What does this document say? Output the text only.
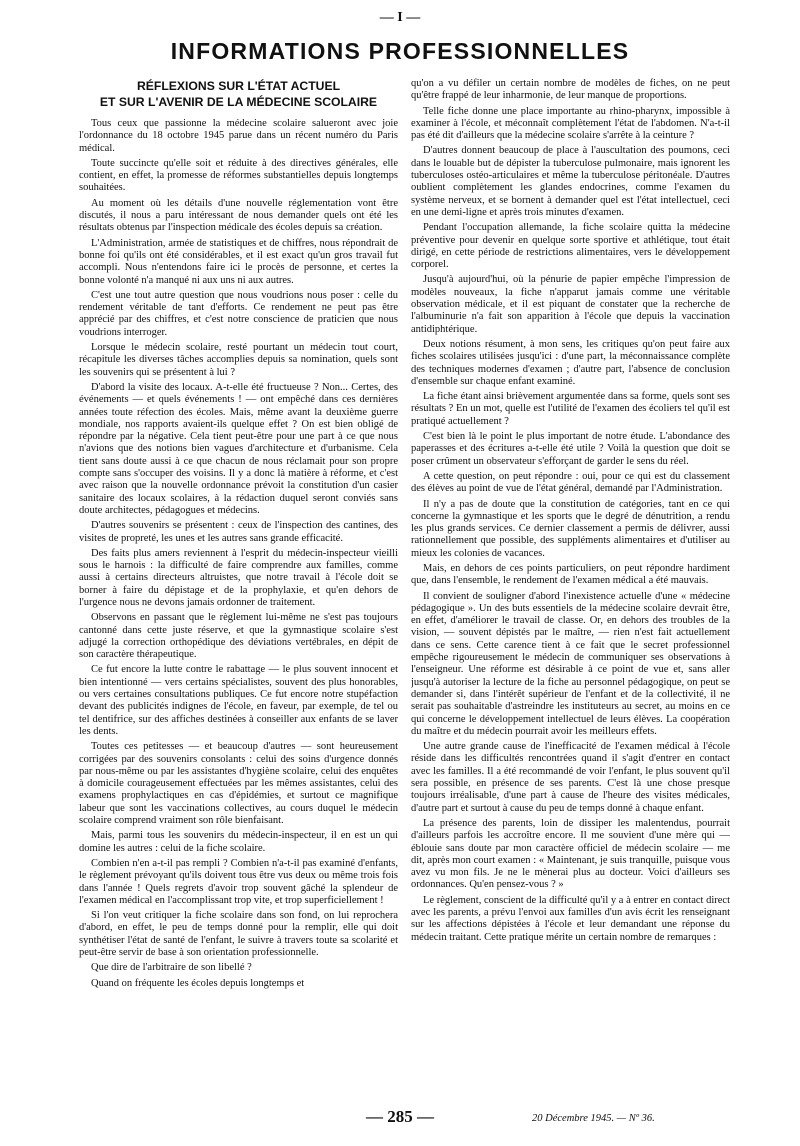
— I —
INFORMATIONS PROFESSIONNELLES
RÉFLEXIONS SUR L'ÉTAT ACTUEL
ET SUR L'AVENIR DE LA MÉDECINE SCOLAIRE

Tous ceux que passionne la médecine scolaire salueront avec joie l'ordonnance du 18 octobre 1945 parue dans un récent numéro du Paris médical.

Toute succincte qu'elle soit et réduite à des directives générales, elle contient, en effet, la promesse de réformes substantielles depuis longtemps souhaitées.

Au moment où les détails d'une nouvelle réglementation vont être discutés, il nous a paru intéressant de nous demander quels ont été les résultats obtenus par l'inspection médicale des écoles depuis sa création.

L'Administration, armée de statistiques et de chiffres, nous répondrait de bonne foi qu'ils ont été considérables, et il est exact qu'un gros travail fut accompli. Nous n'entendons faire ici le procès de personne, et certes la bonne volonté n'a manqué ni aux uns ni aux autres.

C'est une tout autre question que nous voudrions nous poser : celle du rendement véritable de tant d'efforts. Ce rendement ne peut pas être apprécié par des chiffres, et c'est notre conscience de praticien que nous voudrions interroger.

Lorsque le médecin scolaire, resté pourtant un médecin tout court, récapitule les diverses tâches accomplies depuis sa nomination, quels sont les souvenirs qui se présentent à lui ?

D'abord la visite des locaux. A-t-elle été fructueuse ? Non... Certes, des événements — et quels événements ! — ont empêché dans ces dernières années toute réfection des écoles. Mais, même avant la deuxième guerre mondiale, nos rapports avaient-ils quelque effet ? On est bien obligé de répondre par la négative. Cela tient peut-être pour une part à ce que nous n'avions que des notions bien vagues d'architecture et d'urbanisme. Cela tient sans doute aussi à ce que chacun de nous réclamait pour son propre compte sans s'occuper des voisins. Il y a donc là matière à réforme, et c'est avec raison que la nouvelle ordonnance prévoit la constitution d'un casier sanitaire des locaux scolaires, à la rédaction duquel seront conviés sans doute architectes, pédagogues et médecins.

D'autres souvenirs se présentent : ceux de l'inspection des cantines, des visites de propreté, les unes et les autres sans grande efficacité.

Des faits plus amers reviennent à l'esprit du médecin-inspecteur vieilli sous le harnois : la difficulté de faire comprendre aux familles, comme aussi à certains directeurs altruistes, que notre travail à l'école doit se borner à faire du dépistage et de la prophylaxie, et qu'en dehors de l'urgence nous ne devons jamais ordonner de traitement.

Observons en passant que le règlement lui-même ne s'est pas toujours cantonné dans cette juste réserve, et que la gymnastique scolaire s'est adjugé la correction orthopédique des déviations vertébrales, en dépit de son caractère thérapeutique.

Ce fut encore la lutte contre le rabattage — le plus souvent innocent et bien intentionné — vers certains spécialistes, souvent des plus honorables, ou vers certaines consultations publiques. Ce fut encore notre stupéfaction devant des publicités indignes de l'école, en faveur, par exemple, de tel ou tel dentifrice, sur des affiches destinées à conseiller aux enfants de se laver les dents.

Toutes ces petitesses — et beaucoup d'autres — sont heureusement corrigées par des souvenirs consolants : celui des soins d'urgence donnés par nous-même ou par les assistantes d'hygiène scolaire, celui des enquêtes à domicile courageusement effectuées par les mêmes assistantes, celui des examens prophylactiques en cas d'épidémies, et surtout ce magnifique labeur que sont les vaccinations collectives, au cours duquel le médecin scolaire comprend vraiment son rôle bienfaisant.

Mais, parmi tous les souvenirs du médecin-inspecteur, il en est un qui domine les autres : celui de la fiche scolaire.

Combien n'en a-t-il pas rempli ? Combien n'a-t-il pas examiné d'enfants, le règlement prévoyant qu'ils doivent tous être vus deux ou même trois fois dans l'année ! Quels regrets d'avoir trop souvent gâché la splendeur de l'examen médical en l'accomplissant trop vite, et trop superficiellement !

Si l'on veut critiquer la fiche scolaire dans son fond, on lui reprochera d'abord, en effet, le peu de temps donné pour la remplir, elle qui doit synthétiser l'état de santé de l'enfant, le suivre à travers toute sa scolarité et peut-être servir de base à son orientation professionnelle.

Que dire de l'arbitraire de son libellé ?

Quand on fréquente les écoles depuis longtemps et

qu'on a vu défiler un certain nombre de modèles de fiches, on ne peut qu'être frappé de leur inharmonie, de leur manque de proportions.

Telle fiche donne une place importante au rhino-pharynx, impossible à examiner à l'école, et méconnaît complètement l'état de l'abdomen. N'a-t-il pas été dit d'ailleurs que la médecine scolaire s'arrête à la ceinture ?

D'autres donnent beaucoup de place à l'auscultation des poumons, ceci dans le louable but de dépister la tuberculose pulmonaire, mais ignorent les tuberculoses ostéo-articulaires et même la tuberculose péritonéale. D'autres oublient complètement les glandes endocrines, comme l'examen du système nerveux, et se bornent à demander quel est l'état intellectuel, ceci en une demi-ligne et après trois minutes d'examen.

Pendant l'occupation allemande, la fiche scolaire quitta la médecine préventive pour devenir en quelque sorte sportive et athlétique, tout était dirigé, en cette période de restrictions alimentaires, vers le développement corporel.

Jusqu'à aujourd'hui, où la pénurie de papier empêche l'impression de modèles nouveaux, la fiche n'apparut jamais comme une véritable observation médicale, et il est piquant de constater que la recherche de l'albuminurie n'a fait son apparition à l'école que depuis la vaccination antidiphtérique.

Deux notions résument, à mon sens, les critiques qu'on peut faire aux fiches scolaires utilisées jusqu'ici : d'une part, la méconnaissance complète des techniques modernes d'examen ; d'autre part, l'absence de conclusion d'ensemble sur chaque enfant examiné.

La fiche étant ainsi brièvement argumentée dans sa forme, quels sont ses résultats ? En un mot, quelle est l'utilité de l'examen des écoliers tel qu'il est pratiqué actuellement ?

C'est bien là le point le plus important de notre étude. L'abondance des paperasses et des écritures a-t-elle été utile ? Voilà la question que doit se poser crûment un observateur s'efforçant de garder le sens du réel.

A cette question, on peut répondre : oui, pour ce qui est du classement des élèves au point de vue de l'état général, demandé par l'Administration.

Il n'y a pas de doute que la constitution de catégories, tant en ce qui concerne la gymnastique et les sports que le degré de dénutrition, a rendu les plus grands services. Ce dernier classement a permis de délivrer, aussi rationnellement que possible, des suppléments alimentaires et d'utiliser au mieux les colonies de vacances.

Mais, en dehors de ces points particuliers, on peut répondre hardiment que, dans l'ensemble, le rendement de l'examen médical a été mauvais.

Il convient de souligner d'abord l'inexistence actuelle d'une « médecine pédagogique ». Un des buts essentiels de la médecine scolaire devrait être, en effet, d'améliorer le travail de classe. Or, en dehors des troubles de la vision, — souvent dépistés par le maître, — rien n'est fait actuellement dans ce sens. Cette carence tient à ce fait que le secret professionnel empêche rigoureusement le médecin de communiquer ses observations à l'enseigneur. Une réforme est désirable à ce point de vue et, sans aller jusqu'à autoriser la lecture de la fiche au personnel pédagogique, on peut se demander si, dans l'intérêt supérieur de l'enfant et de la collectivité, il ne serait pas souhaitable d'astreindre les instituteurs au secret, au moins en ce qui concerne le développement intellectuel de leurs élèves. La coopération du maître et du médecin pourrait avoir les meilleurs effets.

Une autre grande cause de l'inefficacité de l'examen médical à l'école réside dans les difficultés rencontrées quand il s'agit d'entrer en contact avec les familles. Il a été recommandé de voir l'enfant, le plus souvent qu'il sera possible, en présence de ses parents. C'est là une chose presque toujours irréalisable, d'une part à cause de l'heure des visites médicales, d'autre part et surtout à cause du peu de temps donné à chaque enfant.

La présence des parents, loin de dissiper les malentendus, pourrait d'ailleurs parfois les accroître encore. Il me souvient d'une mère qui — éblouie sans doute par mon caractère officiel de médecin scolaire — me dit, après mon court examen : « Maintenant, je suis tranquille, puisque vous avez vu mon fils. Je ne le mènerai plus au docteur. Voici d'ailleurs ses ordonnances. Qu'en pensez-vous ? »

Le règlement, conscient de la difficulté qu'il y a à entrer en contact direct avec les parents, a prévu l'envoi aux familles d'un avis écrit les renseignant sur les affections dépistées à l'école et leur demandant une réponse du médecin traitant. Cette pratique mérite un certain nombre de remarques :

— 285 —	20 Décembre 1945. — Nº 36.
